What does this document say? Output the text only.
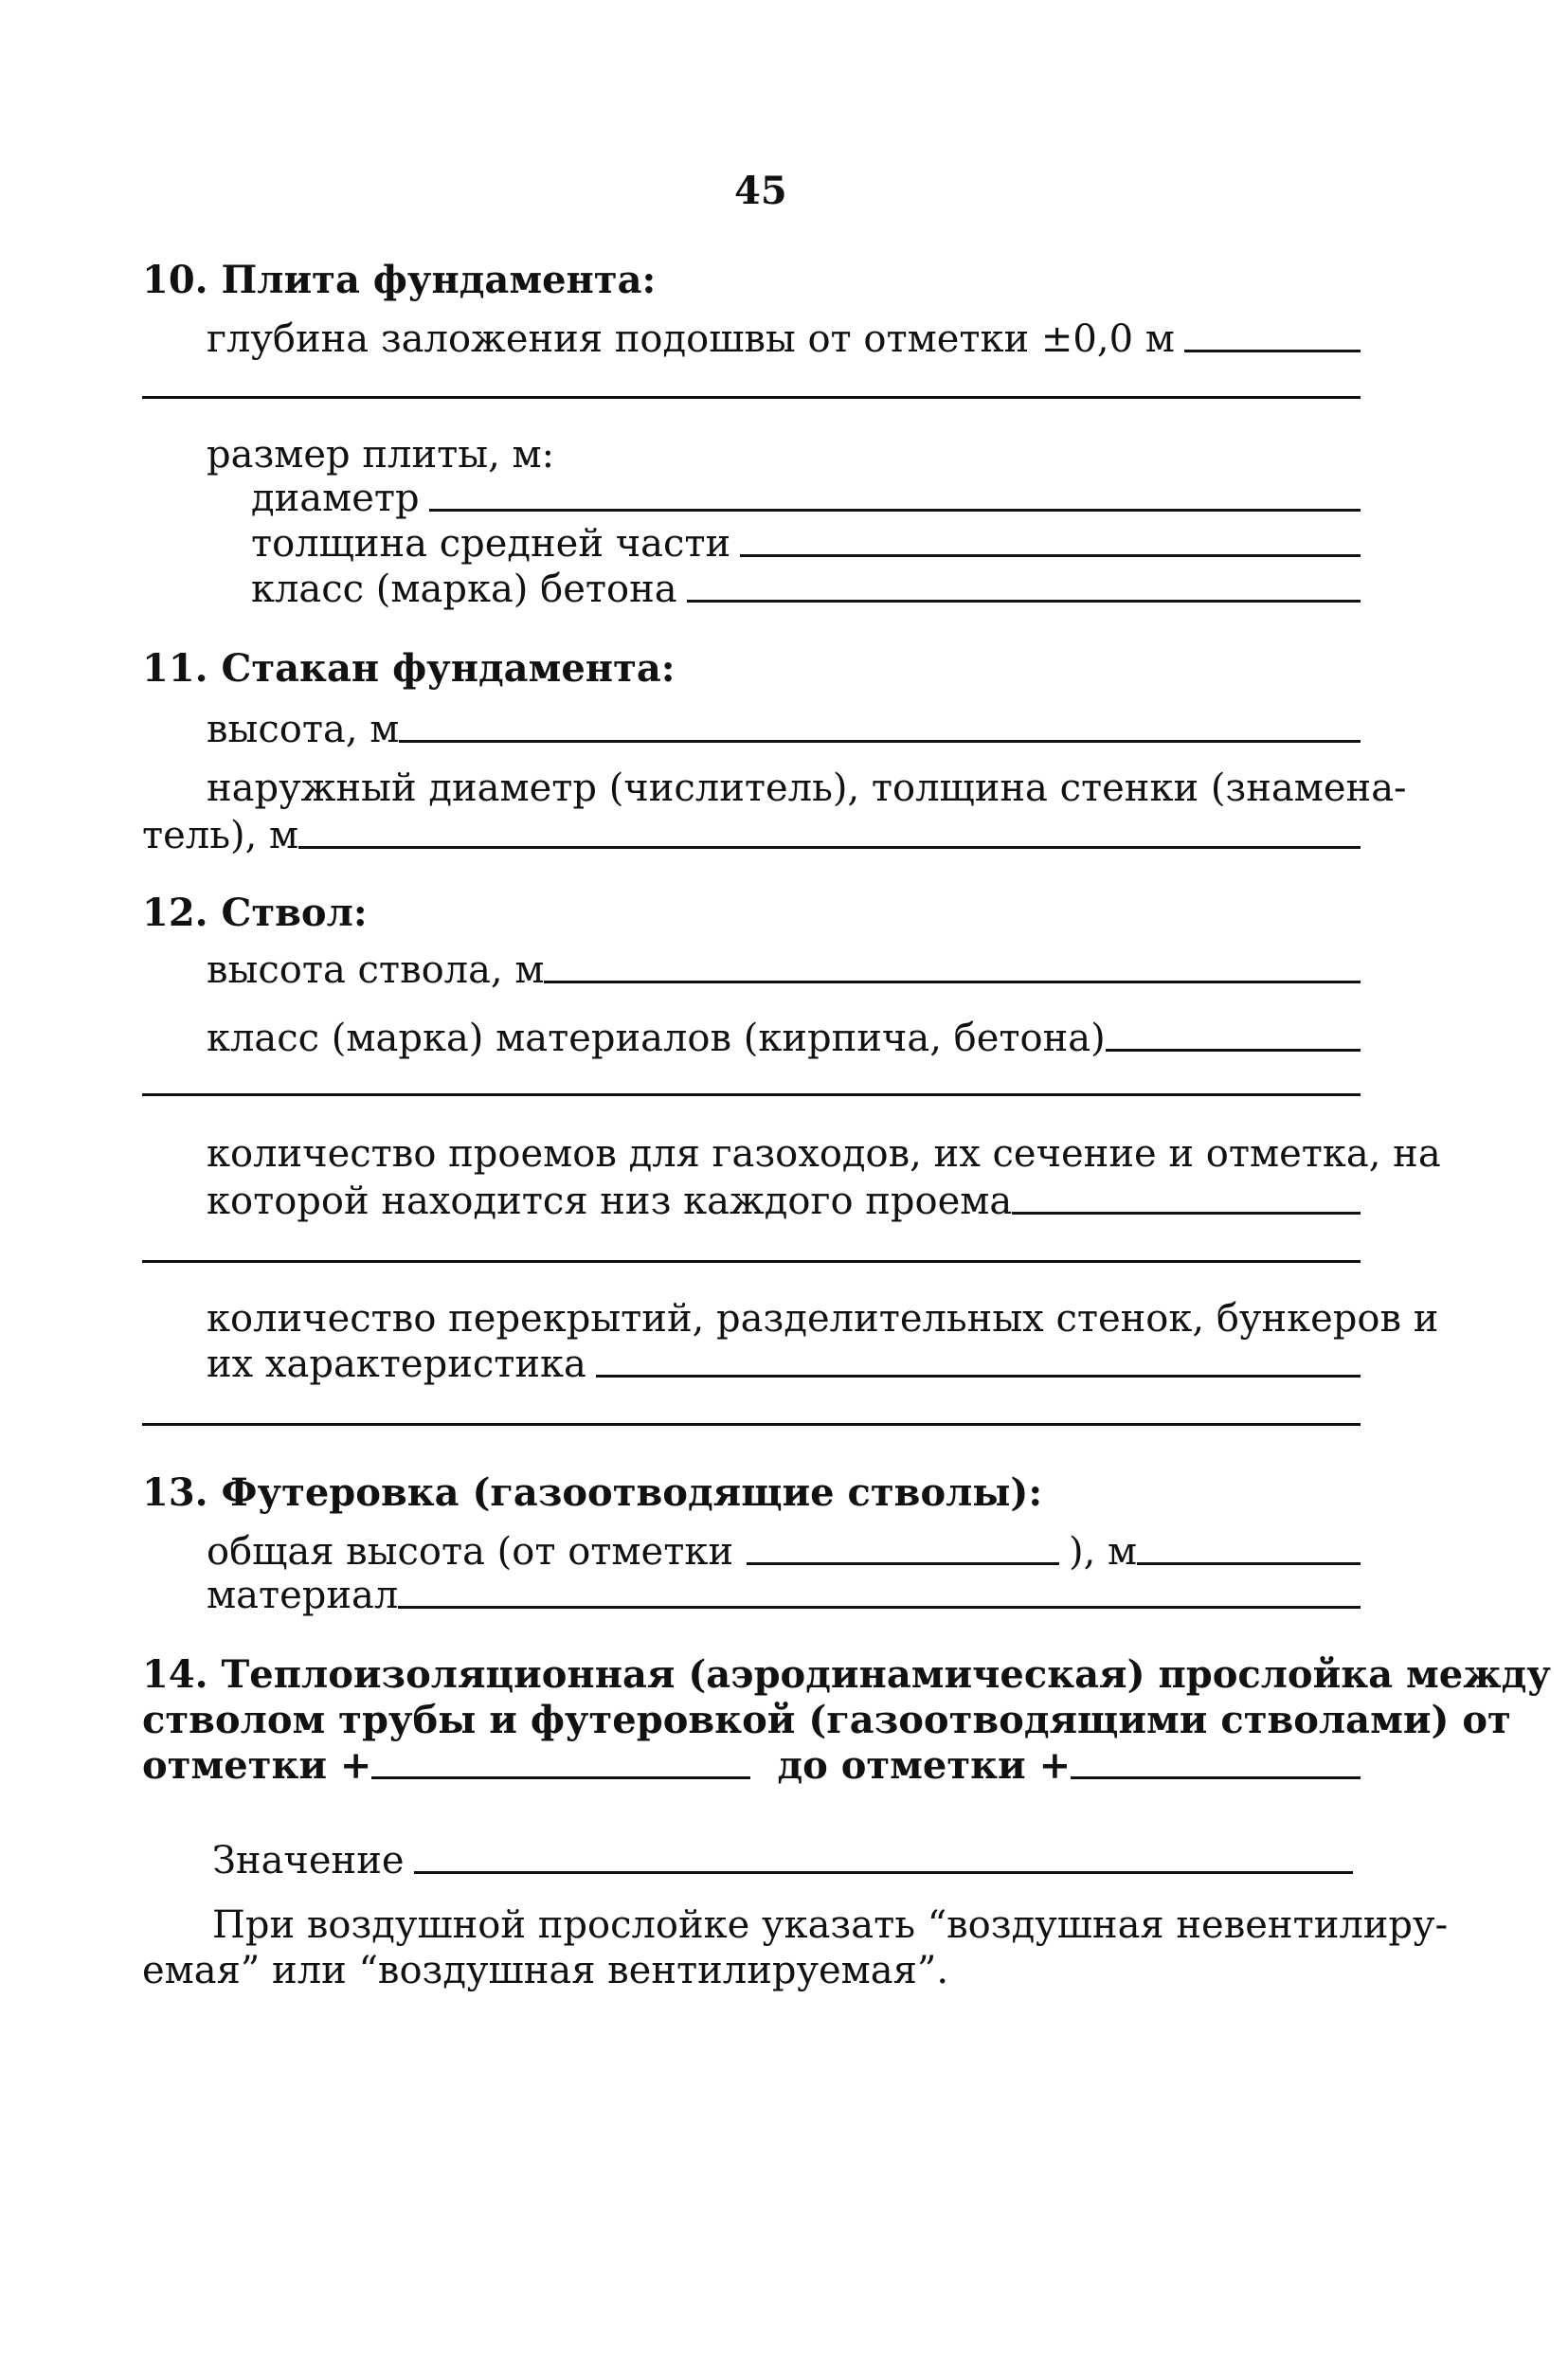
45
10. Плита фундамента:
глубина заложения подошвы от отметки ±0,0 м
размер плиты, м:
диаметр
толщина средней части
класс (марка) бетона
11. Стакан фундамента:
высота, м
наружный диаметр (числитель), толщина стенки (знамена-
тель), м
12. Ствол:
высота ствола, м
класс (марка) материалов (кирпича, бетона)
количество проемов для газоходов, их сечение и отметка, на
которой находится низ каждого проема
количество перекрытий, разделительных стенок, бункеров и
их характеристика
13. Футеровка (газоотводящие стволы):
общая высота (от отметки	), м
материал
14. Теплоизоляционная (аэродинамическая) прослойка между
стволом трубы и футеровкой (газоотводящими стволами) от
отметки +	до отметки +
Значение
При воздушной прослойке указать “воздушная невентилиру-
емая” или “воздушная вентилируемая”.
